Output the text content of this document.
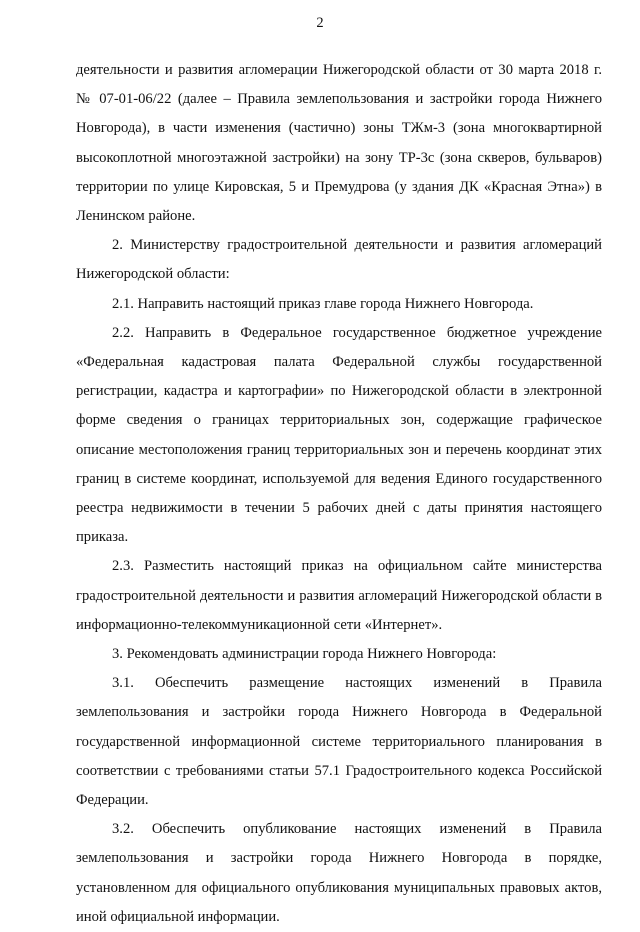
2

деятельности и развития агломерации Нижегородской области от 30 марта 2018 г. № 07-01-06/22 (далее – Правила землепользования и застройки города Нижнего Новгорода), в части изменения (частично) зоны ТЖм-3 (зона многоквартирной высокоплотной многоэтажной застройки) на зону ТР-3с (зона скверов, бульваров) территории по улице Кировская, 5 и Премудрова (у здания ДК «Красная Этна») в Ленинском районе.

2. Министерству градостроительной деятельности и развития агломераций Нижегородской области:

2.1. Направить настоящий приказ главе города Нижнего Новгорода.

2.2. Направить в Федеральное государственное бюджетное учреждение «Федеральная кадастровая палата Федеральной службы государственной регистрации, кадастра и картографии» по Нижегородской области в электронной форме сведения о границах территориальных зон, содержащие графическое описание местоположения границ территориальных зон и перечень координат этих границ в системе координат, используемой для ведения Единого государственного реестра недвижимости в течении 5 рабочих дней с даты принятия настоящего приказа.

2.3. Разместить настоящий приказ на официальном сайте министерства градостроительной деятельности и развития агломераций Нижегородской области в информационно-телекоммуникационной сети «Интернет».

3. Рекомендовать администрации города Нижнего Новгорода:

3.1. Обеспечить размещение настоящих изменений в Правила землепользования и застройки города Нижнего Новгорода в Федеральной государственной информационной системе территориального планирования в соответствии с требованиями статьи 57.1 Градостроительного кодекса Российской Федерации.

3.2. Обеспечить опубликование настоящих изменений в Правила землепользования и застройки города Нижнего Новгорода в порядке, установленном для официального опубликования муниципальных правовых актов, иной официальной информации.
